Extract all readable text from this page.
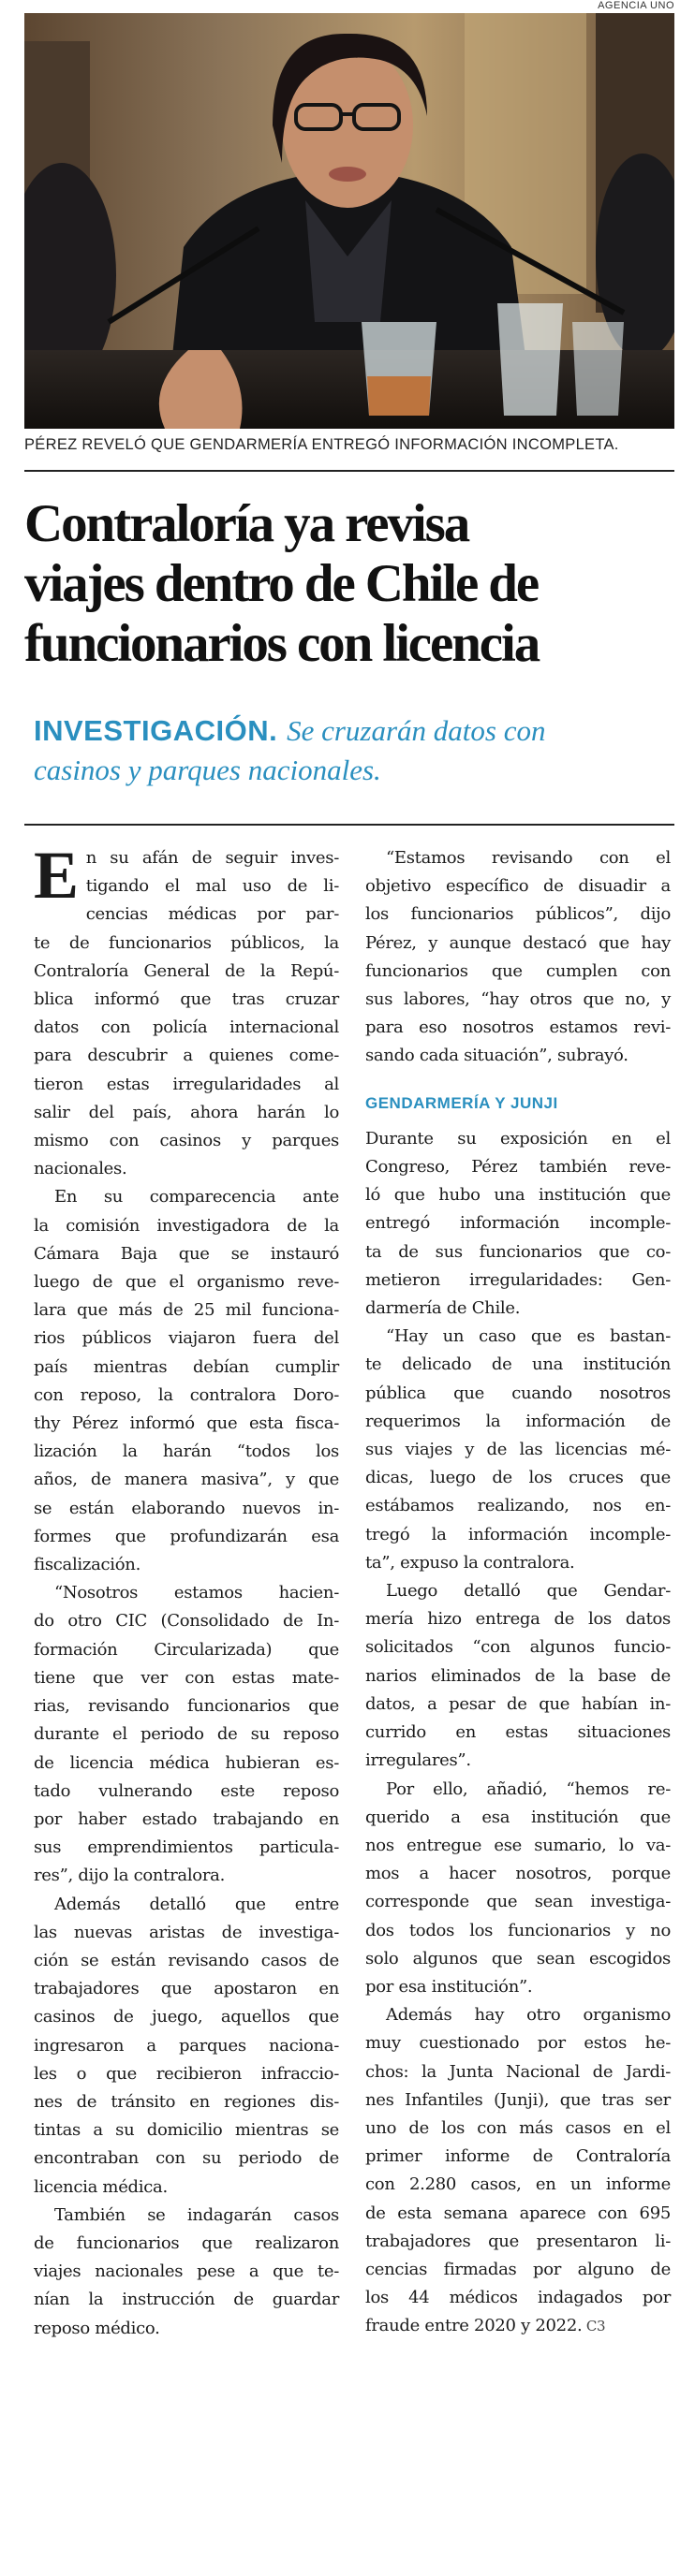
AGENCIA UNO
PÉREZ REVELÓ QUE GENDARMERÍA ENTREGÓ INFORMACIÓN INCOMPLETA.
Contraloría ya revisa
viajes dentro de Chile de
funcionarios con licencia
INVESTIGACIÓN. Se cruzarán datos con
casinos y parques nacionales.
E n su afán de seguir inves-
tigando el mal uso de li-
cencias médicas por par-
te de funcionarios públicos, la
Contraloría General de la Repú-
blica informó que tras cruzar
datos con policía internacional
para descubrir a quienes come-
tieron estas irregularidades al
salir del país, ahora harán lo
mismo con casinos y parques
nacionales.
En su comparecencia ante
la comisión investigadora de la
Cámara Baja que se instauró
luego de que el organismo reve-
lara que más de 25 mil funciona-
rios públicos viajaron fuera del
país mientras debían cumplir
con reposo, la contralora Doro-
thy Pérez informó que esta fisca-
lización la harán “todos los
años, de manera masiva”, y que
se están elaborando nuevos in-
formes que profundizarán esa
fiscalización.
“Nosotros estamos hacien-
do otro CIC (Consolidado de In-
formación Circularizada) que
tiene que ver con estas mate-
rias, revisando funcionarios que
durante el periodo de su reposo
de licencia médica hubieran es-
tado vulnerando este reposo
por haber estado trabajando en
sus emprendimientos particula-
res”, dijo la contralora.
Además detalló que entre
las nuevas aristas de investiga-
ción se están revisando casos de
trabajadores que apostaron en
casinos de juego, aquellos que
ingresaron a parques naciona-
les o que recibieron infraccio-
nes de tránsito en regiones dis-
tintas a su domicilio mientras se
encontraban con su periodo de
licencia médica.
También se indagarán casos
de funcionarios que realizaron
viajes nacionales pese a que te-
nían la instrucción de guardar
reposo médico.
“Estamos revisando con el
objetivo específico de disuadir a
los funcionarios públicos”, dijo
Pérez, y aunque destacó que hay
funcionarios que cumplen con
sus labores, “hay otros que no, y
para eso nosotros estamos revi-
sando cada situación”, subrayó.
GENDARMERÍA Y JUNJI
Durante su exposición en el
Congreso, Pérez también reve-
ló que hubo una institución que
entregó información incomple-
ta de sus funcionarios que co-
metieron irregularidades: Gen-
darmería de Chile.
“Hay un caso que es bastan-
te delicado de una institución
pública que cuando nosotros
requerimos la información de
sus viajes y de las licencias mé-
dicas, luego de los cruces que
estábamos realizando, nos en-
tregó la información incomple-
ta”, expuso la contralora.
Luego detalló que Gendar-
mería hizo entrega de los datos
solicitados “con algunos funcio-
narios eliminados de la base de
datos, a pesar de que habían in-
currido en estas situaciones
irregulares”.
Por ello, añadió, “hemos re-
querido a esa institución que
nos entregue ese sumario, lo va-
mos a hacer nosotros, porque
corresponde que sean investiga-
dos todos los funcionarios y no
solo algunos que sean escogidos
por esa institución”.
Además hay otro organismo
muy cuestionado por estos he-
chos: la Junta Nacional de Jardi-
nes Infantiles (Junji), que tras ser
uno de los con más casos en el
primer informe de Contraloría
con 2.280 casos, en un informe
de esta semana aparece con 695
trabajadores que presentaron li-
cencias firmadas por alguno de
los 44 médicos indagados por
fraude entre 2020 y 2022. C3
